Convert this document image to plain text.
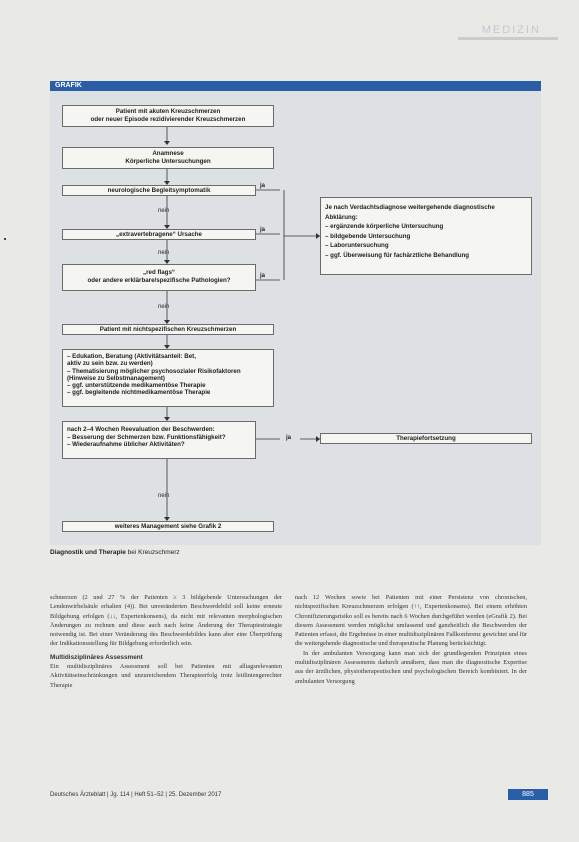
MEDIZIN
GRAFIK
Patient mit akuten Kreuzschmerzen
oder neuer Episode rezidivierender Kreuzschmerzen
Anamnese
Körperliche Untersuchungen
neurologische Begleitsymptomatik
ja
nein
„extravertebragene“ Ursache
ja
nein
„red flags“
oder andere erklärbare/spezifische Pathologien?
ja
nein
Patient mit nichtspezifischen Kreuzschmerzen
– Edukation, Beratung (Aktivitätsanteil: Bet,
aktiv zu sein bzw. zu werden)
– Thematisierung möglicher psychosozialer Risikofaktoren
(Hinweise zu Selbstmanagement)
– ggf. unterstützende medikamentöse Therapie
– ggf. begleitende nichtmedikamentöse Therapie
nach 2–4 Wochen Reevaluation der Beschwerden:
– Besserung der Schmerzen bzw. Funktionsfähigkeit?
– Wiederaufnahme üblicher Aktivitäten?
ja
nein
weiteres Management siehe Grafik 2
Je nach Verdachtsdiagnose weitergehende diagnostische
Abklärung:
– ergänzende körperliche Untersuchung
– bildgebende Untersuchung
– Laboruntersuchung
– ggf. Überweisung für fachärztliche Behandlung
Therapiefortsetzung
Diagnostik und Therapie bei Kreuzschmerz

schmerzen (2 und 27 % der Patienten ≥ 3 bildgebende Untersuchungen der Lendenwirbelsäule erhalten (4)). Bei unveränderten Beschwerdebild soll keine erneute Bildgebung erfolgen (↓↓, Expertenkonsens), da nicht mit relevanten morphologischen Änderungen zu rechnen und diese auch nach keine Änderung der Therapiestrategie notwendig ist. Bei einer Veränderung des Beschwerdebildes kann aber eine Überprüfung der Indikationsstellung für Bildgebung erforderlich sein.

Multidisziplinäres Assessment

Ein multidisziplinäres Assessment soll bei Patienten mit alltagsrelevanten Aktivitätseinschränkungen und unzureichendem Therapieerfolg trotz leitliniengerechter Therapie

nach 12 Wochen sowie bei Patienten mit einer Persistenz von chronischen, nichtspezifischen Kreuzschmerzen erfolgen (↑↑, Expertenkonsens). Bei einem erhöhten Chronifizierungsrisiko soll es bereits nach 6 Wochen durchgeführt werden (eGrafik 2). Bei diesem Assessment werden möglichst umfassend und ganzheitlich die Beschwerden der Patienten erfasst, die Ergebnisse in einer multidisziplinären Fallkonferenz gewichtet und für die weitergehende diagnostische und therapeutische Planung berücksichtigt.

In der ambulanten Versorgung kann man sich der grundlegenden Prinzipien eines multidisziplinären Assessments dadurch annähern, dass man die diagnostische Expertise aus der ärztlichen, physiotherapeutischen und psychologischen Bereich kombiniert. In der ambulanten Versorgung

Deutsches Ärzteblatt | Jg. 114 | Heft 51–52 | 25. Dezember 2017	885
